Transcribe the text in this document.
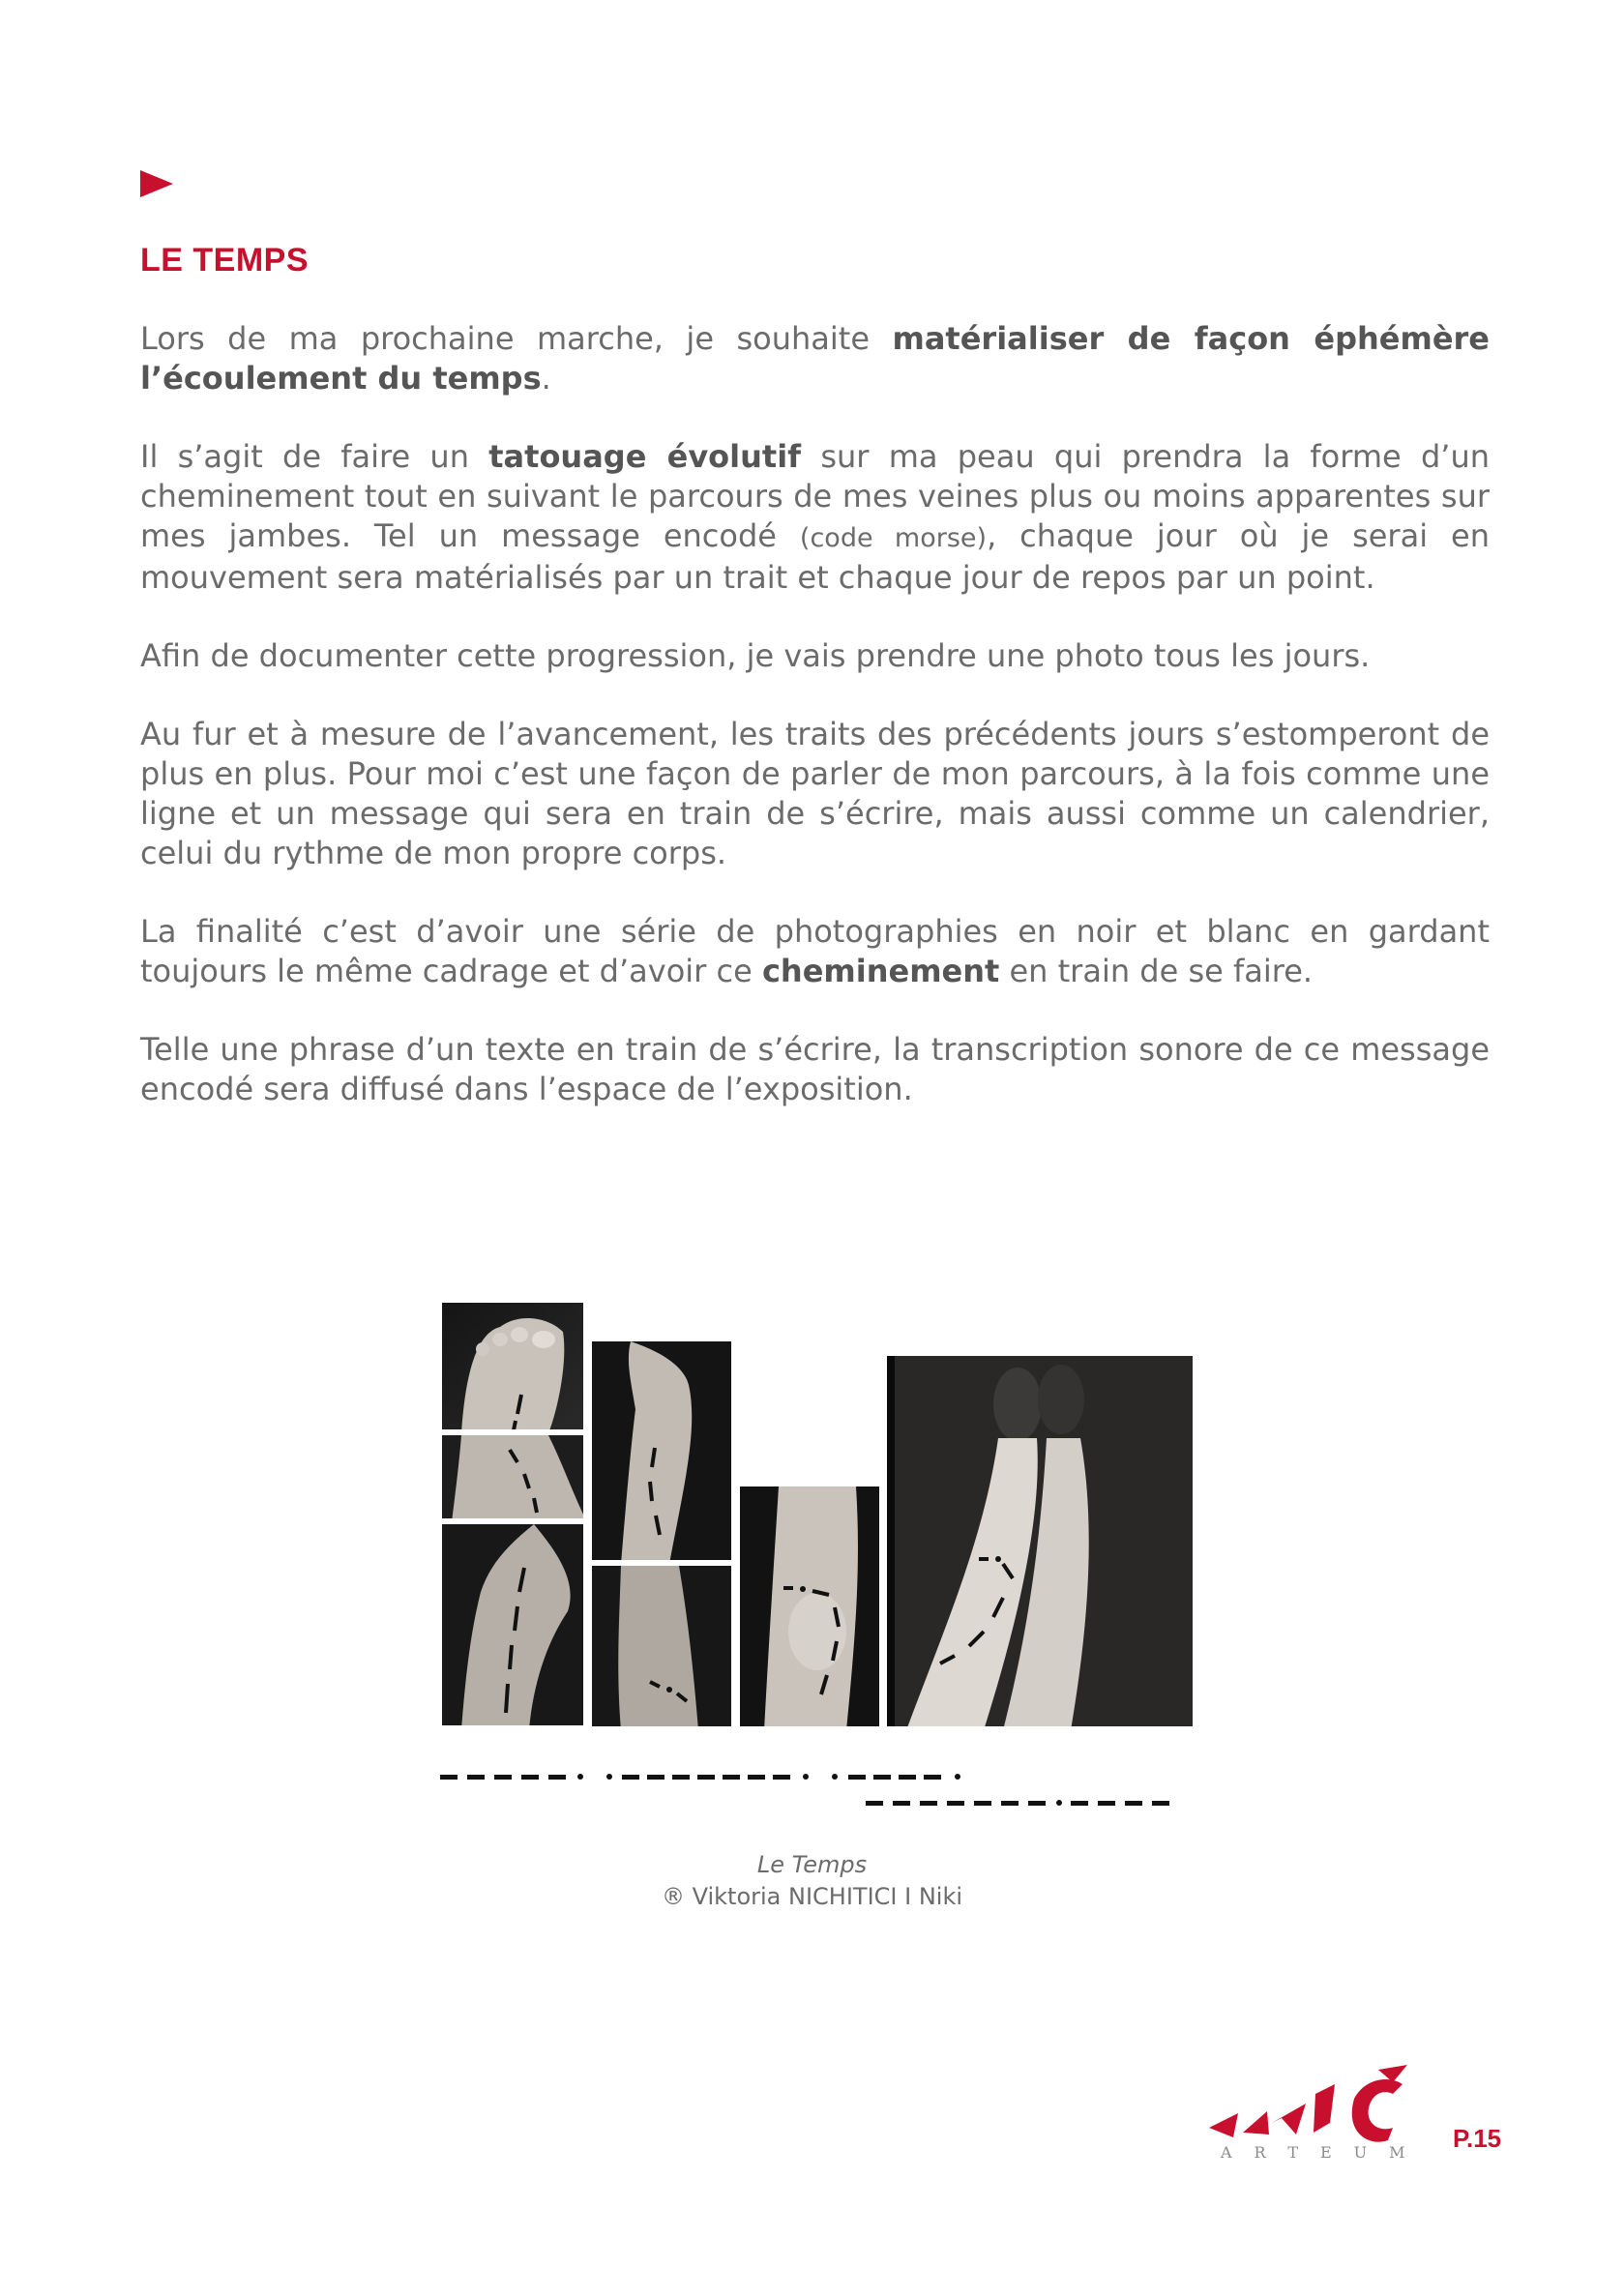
LE TEMPS

Lors de ma prochaine marche, je souhaite matérialiser de façon éphémère l’écoulement du temps.

Il s’agit de faire un tatouage évolutif sur ma peau qui prendra la forme d’un cheminement tout en suivant le parcours de mes veines plus ou moins apparentes sur mes jambes. Tel un message encodé (code morse), chaque jour où je serai en mouvement sera matérialisés par un trait et chaque jour de repos par un point.

Afin de documenter cette progression, je vais prendre une photo tous les jours.

Au fur et à mesure de l’avancement, les traits des précédents jours s’estomperont de plus en plus. Pour moi c’est une façon de parler de mon parcours, à la fois comme une ligne et un message qui sera en train de s’écrire, mais aussi comme un calendrier, celui du rythme de mon propre corps.

La finalité c’est d’avoir une série de photographies en noir et blanc en gardant toujours le même cadrage et d’avoir ce cheminement en train de se faire.

Telle une phrase d’un texte en train de s’écrire, la transcription sonore de ce message encodé sera diffusé dans l’espace de l’exposition.

Le Temps
® Viktoria NICHITICI I Niki
ARTEUM P.15
